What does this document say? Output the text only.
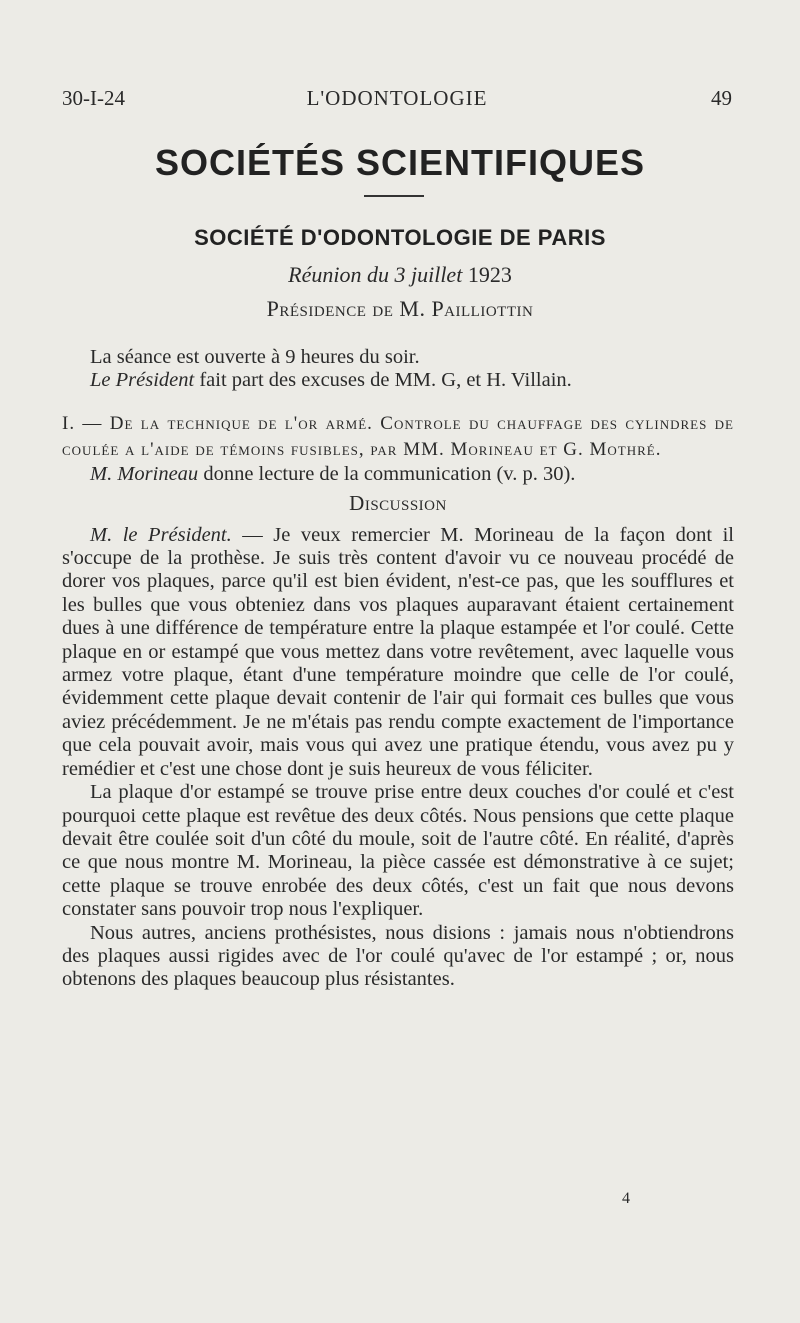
30-I-24	L'ODONTOLOGIE	49
SOCIÉTÉS SCIENTIFIQUES
SOCIÉTÉ D'ODONTOLOGIE DE PARIS
Réunion du 3 juillet 1923
Présidence de M. Pailliottin

La séance est ouverte à 9 heures du soir.

Le Président fait part des excuses de MM. G, et H. Villain.

I. — De la technique de l'or armé. Controle du chauffage des cylindres de coulée a l'aide de témoins fusibles, par MM. Morineau et G. Mothré.

M. Morineau donne lecture de la communication (v. p. 30).

Discussion

M. le Président. — Je veux remercier M. Morineau de la façon dont il s'occupe de la prothèse. Je suis très content d'avoir vu ce nouveau procédé de dorer vos plaques, parce qu'il est bien évident, n'est-ce pas, que les soufflures et les bulles que vous obteniez dans vos plaques auparavant étaient certainement dues à une différence de température entre la plaque estampée et l'or coulé. Cette plaque en or estampé que vous mettez dans votre revêtement, avec laquelle vous armez votre plaque, étant d'une température moindre que celle de l'or coulé, évidemment cette plaque devait contenir de l'air qui formait ces bulles que vous aviez précédemment. Je ne m'étais pas rendu compte exactement de l'importance que cela pouvait avoir, mais vous qui avez une pratique étendu, vous avez pu y remédier et c'est une chose dont je suis heureux de vous féliciter.

La plaque d'or estampé se trouve prise entre deux couches d'or coulé et c'est pourquoi cette plaque est revêtue des deux côtés. Nous pensions que cette plaque devait être coulée soit d'un côté du moule, soit de l'autre côté. En réalité, d'après ce que nous montre M. Morineau, la pièce cassée est démonstrative à ce sujet; cette plaque se trouve enrobée des deux côtés, c'est un fait que nous devons constater sans pouvoir trop nous l'expliquer.

Nous autres, anciens prothésistes, nous disions : jamais nous n'obtiendrons des plaques aussi rigides avec de l'or coulé qu'avec de l'or estampé ; or, nous obtenons des plaques beaucoup plus résistantes.

4
